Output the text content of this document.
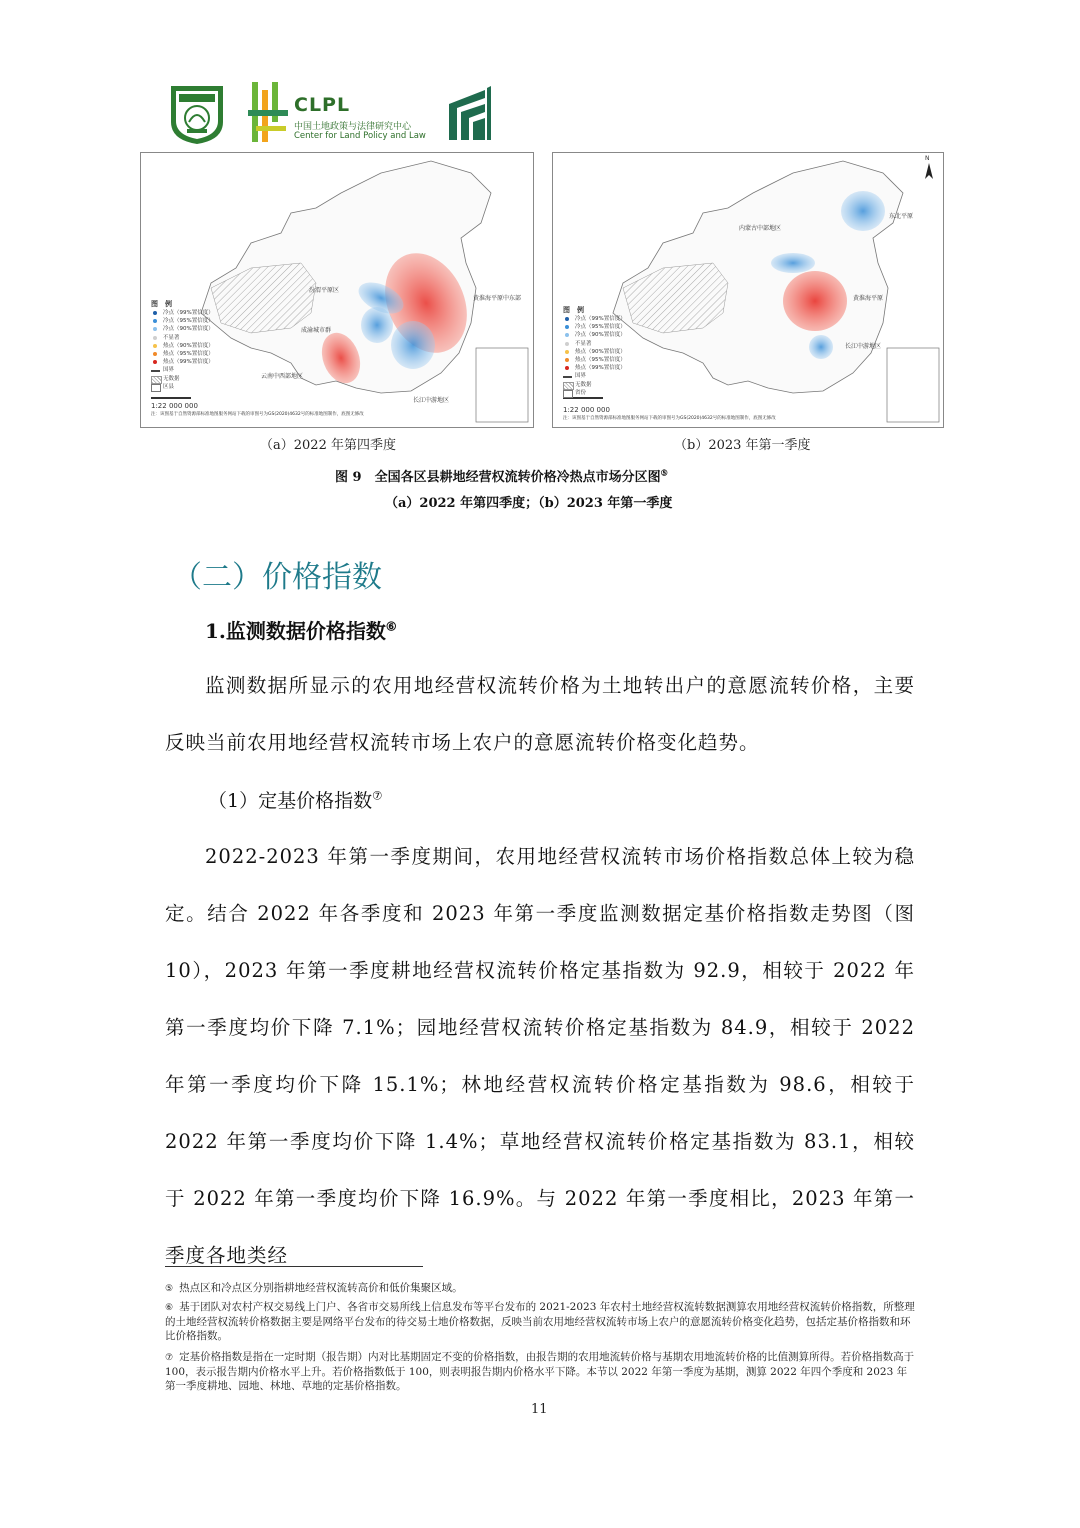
CLPL
中国土地政策与法律研究中心
Center for Land Policy and Law
图　例
冷点（99%置信度）
冷点（95%置信度）
冷点（90%置信度）
不显著
热点（90%置信度）
热点（95%置信度）
热点（99%置信度）
国界
无数据
区县
1:22 000 000
注：该图基于自然资源部标准地图服务网站下载的审图号为GS(2020)4632号的标准地图制作，底图无修改
汾渭平原区
黄淮海平原中东部
成渝城市群
云南中西部地区
长江中游地区
N
图　例
冷点（99%置信度）
冷点（95%置信度）
冷点（90%置信度）
不显著
热点（90%置信度）
热点（95%置信度）
热点（99%置信度）
国界
无数据
省份
1:22 000 000
注：该图基于自然资源部标准地图服务网站下载的审图号为GS(2020)4632号的标准地图制作，底图无修改
内蒙古中部地区
东北平原
黄淮海平原
长江中游地区
（a）2022 年第四季度	（b）2023 年第一季度
图 9　全国各区县耕地经营权流转价格冷热点市场分区图⑤
（a）2022 年第四季度；（b）2023 年第一季度
（二）价格指数
1.监测数据价格指数⑥
监测数据所显示的农用地经营权流转价格为土地转出户的意愿流转价格，主要反映当前农用地经营权流转市场上农户的意愿流转价格变化趋势。
（1）定基价格指数⑦
2022-2023 年第一季度期间，农用地经营权流转市场价格指数总体上较为稳定。结合 2022 年各季度和 2023 年第一季度监测数据定基价格指数走势图（图 10），2023 年第一季度耕地经营权流转价格定基指数为 92.9，相较于 2022 年第一季度均价下降 7.1%；园地经营权流转价格定基指数为 84.9，相较于 2022 年第一季度均价下降 15.1%；林地经营权流转价格定基指数为 98.6，相较于 2022 年第一季度均价下降 1.4%；草地经营权流转价格定基指数为 83.1，相较于 2022 年第一季度均价下降 16.9%。与 2022 年第一季度相比，2023 年第一季度各地类经
⑤ 热点区和冷点区分别指耕地经营权流转高价和低价集聚区域。
⑥ 基于团队对农村产权交易线上门户、各省市交易所线上信息发布等平台发布的 2021-2023 年农村土地经营权流转数据测算农用地经营权流转价格指数，所整理的土地经营权流转价格数据主要是网络平台发布的待交易土地价格数据，反映当前农用地经营权流转市场上农户的意愿流转价格变化趋势，包括定基价格指数和环比价格指数。
⑦ 定基价格指数是指在一定时期（报告期）内对比基期固定不变的价格指数，由报告期的农用地流转价格与基期农用地流转价格的比值测算所得。若价格指数高于 100，表示报告期内价格水平上升。若价格指数低于 100，则表明报告期内价格水平下降。本节以 2022 年第一季度为基期，测算 2022 年四个季度和 2023 年第一季度耕地、园地、林地、草地的定基价格指数。
11
